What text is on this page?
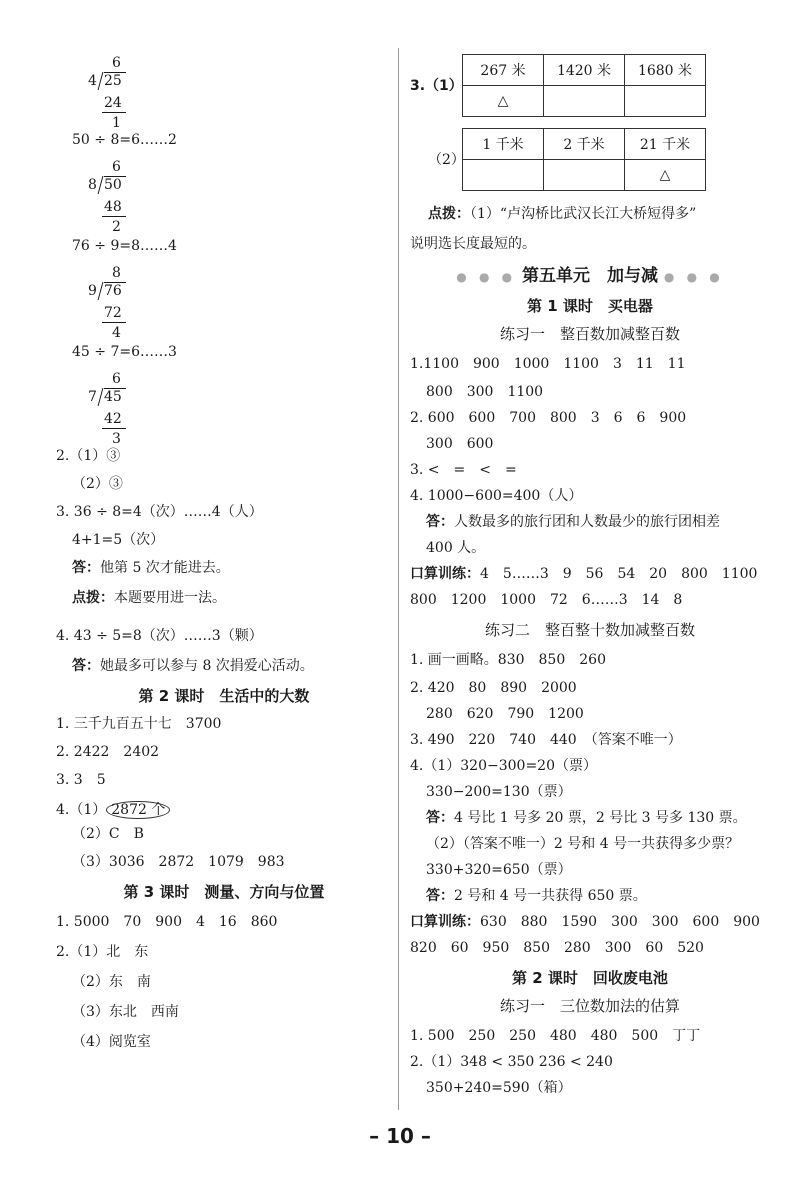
6
4 25
24
1
50 ÷ 8=6……2
6
8 50
48
2
76 ÷ 9=8……4
8
9 76
72
4
45 ÷ 7=6……3
6
7 45
42
3
2.（1）③
（2）③
3. 36 ÷ 8=4（次）……4（人）
4+1=5（次）
答：他第 5 次才能进去。
点拨：本题要用进一法。
4. 43 ÷ 5=8（次）……3（颗）
答：她最多可以参与 8 次捐爱心活动。
第 2 课时　生活中的大数
1. 三千九百五十七　3700
2. 2422　2402
3. 3　5
4.（1） 2872 个
（2）C　B
（3）3036　2872　1079　983
第 3 课时　测量、方向与位置
1. 5000　70　900　4　16　860
2.（1）北　东
（2）东　南
（3）东北　西南
（4）阅览室
3.（1）
267 米	1420 米	1680 米
△		
（2）
1 千米	2 千米	21 千米
		△
点拨：（1）“卢沟桥比武汉长江大桥短得多”
说明选长度最短的。
● ● ● 第五单元　加与减 ● ● ●
第 1 课时　买电器
练习一　整百数加减整百数
1.1100　900　1000　1100　3　11　11
800　300　1100
2. 600　600　700　800　3　6　6　900
300　600
3. <　=　<　=
4. 1000−600=400（人）
答：人数最多的旅行团和人数最少的旅行团相差
400 人。
口算训练：4　5……3　9　56　54　20　800　1100
800　1200　1000　72　6……3　14　8
练习二　整百整十数加减整百数
1. 画一画略。830　850　260
2. 420　80　890　2000
280　620　790　1200
3. 490　220　740　440　（答案不唯一）
4.（1）320−300=20（票）
330−200=130（票）
答：4 号比 1 号多 20 票，2 号比 3 号多 130 票。
（2）（答案不唯一）2 号和 4 号一共获得多少票？
330+320=650（票）
答：2 号和 4 号一共获得 650 票。
口算训练：630　880　1590　300　300　600　900
820　60　950　850　280　300　60　520
第 2 课时　回收废电池
练习一　三位数加法的估算
1. 500　250　250　480　480　500　丁丁
2.（1）348 < 350 236 < 240
350+240=590（箱）
– 10 –
